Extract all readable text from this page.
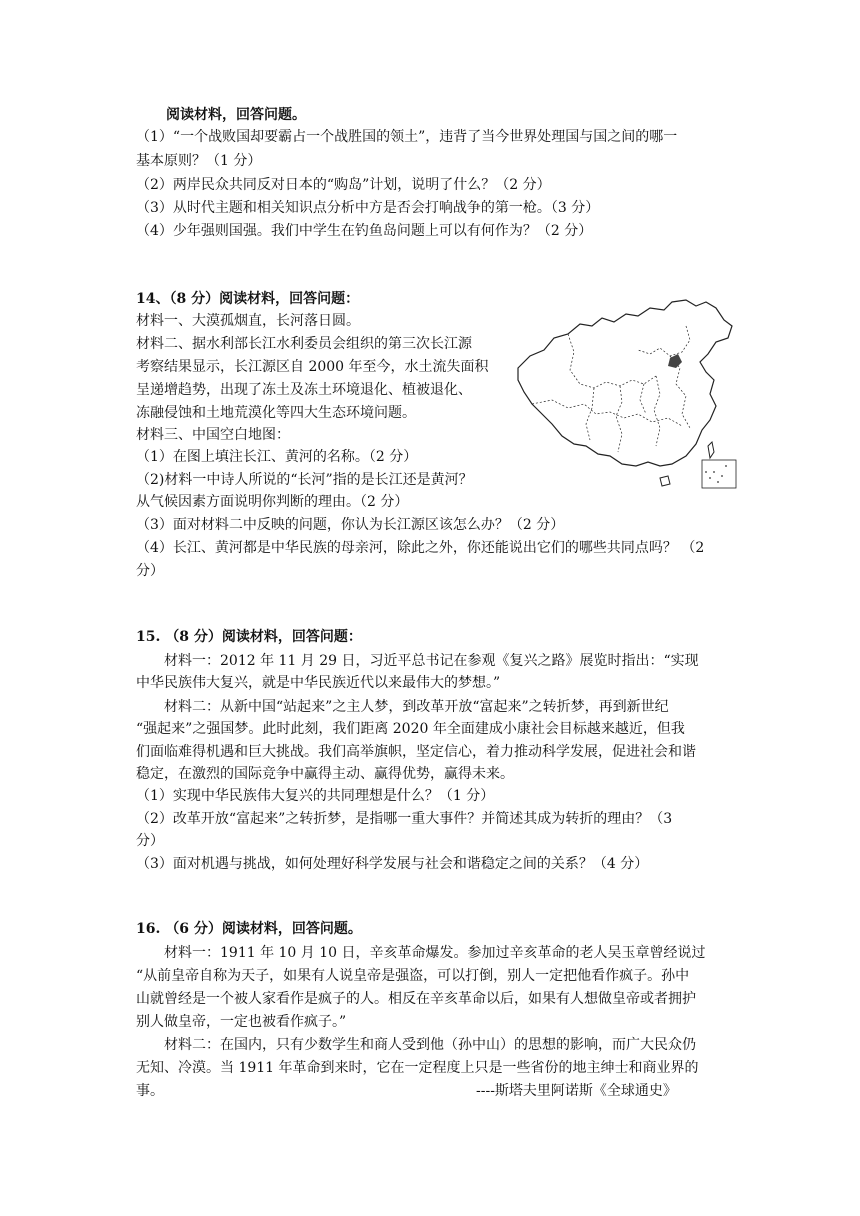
阅读材料，回答问题。
（1）“一个战败国却要霸占一个战胜国的领土”，违背了当今世界处理国与国之间的哪一
基本原则？（1 分）
（2）两岸民众共同反对日本的“购岛”计划，说明了什么？（2 分）
（3）从时代主题和相关知识点分析中方是否会打响战争的第一枪。（3 分）
（4）少年强则国强。我们中学生在钓鱼岛问题上可以有何作为？（2 分）
14、（8 分）阅读材料，回答问题：
材料一、大漠孤烟直，长河落日圆。
材料二、据水利部长江水利委员会组织的第三次长江源
考察结果显示，长江源区自 2000 年至今，水土流失面积
呈递增趋势，出现了冻土及冻土环境退化、植被退化、
冻融侵蚀和土地荒漠化等四大生态环境问题。
材料三、中国空白地图：
（1）在图上填注长江、黄河的名称。（2 分）
（2)材料一中诗人所说的“长河”指的是长江还是黄河？
从气候因素方面说明你判断的理由。（2 分）
（3）面对材料二中反映的问题，你认为长江源区该怎么办？（2 分）
（4）长江、黄河都是中华民族的母亲河，除此之外，你还能说出它们的哪些共同点吗？ （2
分）
15. （8 分）阅读材料，回答问题：
材料一：2012 年 11 月 29 日，习近平总书记在参观《复兴之路》展览时指出：“实现
中华民族伟大复兴，就是中华民族近代以来最伟大的梦想。”
材料二：从新中国“站起来”之主人梦，到改革开放“富起来”之转折梦，再到新世纪
“强起来”之强国梦。此时此刻，我们距离 2020 年全面建成小康社会目标越来越近，但我
们面临难得机遇和巨大挑战。我们高举旗帜，坚定信心，着力推动科学发展，促进社会和谐
稳定，在激烈的国际竞争中赢得主动、赢得优势，赢得未来。
（1）实现中华民族伟大复兴的共同理想是什么？（1 分）
（2）改革开放“富起来”之转折梦，是指哪一重大事件？并简述其成为转折的理由？（3
分）
（3）面对机遇与挑战，如何处理好科学发展与社会和谐稳定之间的关系？（4 分）
16. （6 分）阅读材料，回答问题。
材料一：1911 年 10 月 10 日，辛亥革命爆发。参加过辛亥革命的老人吴玉章曾经说过
“从前皇帝自称为天子，如果有人说皇帝是强盗，可以打倒，别人一定把他看作疯子。孙中
山就曾经是一个被人家看作是疯子的人。相反在辛亥革命以后，如果有人想做皇帝或者拥护
别人做皇帝，一定也被看作疯子。”
材料二：在国内，只有少数学生和商人受到他（孙中山）的思想的影响，而广大民众仍
无知、冷漠。当 1911 年革命到来时，它在一定程度上只是一些省份的地主绅士和商业界的
事。	----斯塔夫里阿诺斯《全球通史》
